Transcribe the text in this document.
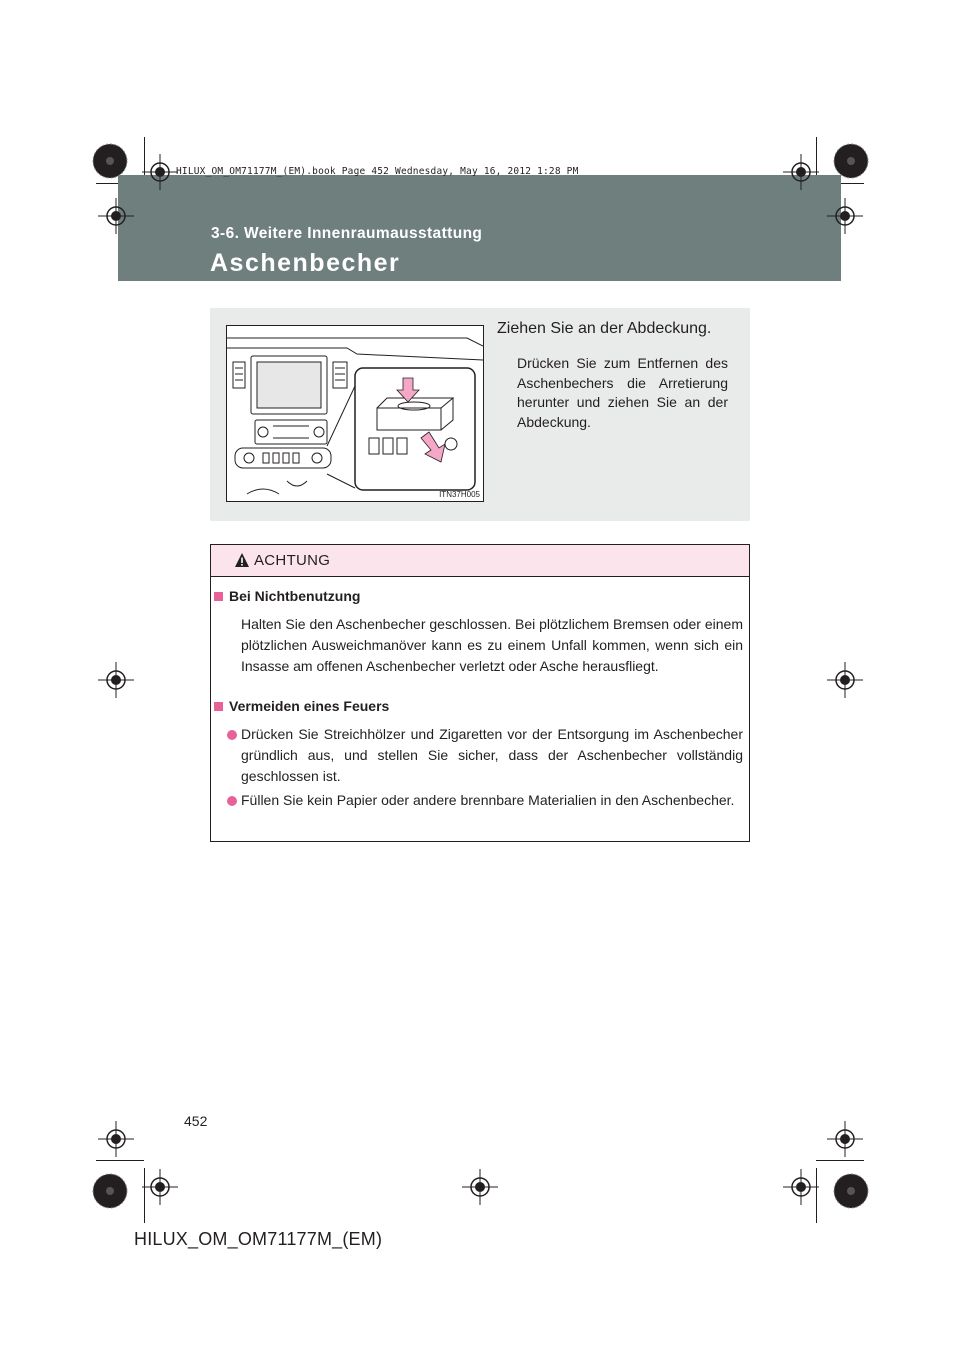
HILUX_OM_OM71177M_(EM).book Page 452 Wednesday, May 16, 2012 1:28 PM
3-6. Weitere Innenraumausstattung
Aschenbecher
ITN37H005
Ziehen Sie an der Abdeckung.
Drücken Sie zum Entfernen des Aschenbechers die Arretierung herunter und ziehen Sie an der Abdeckung.
ACHTUNG
Bei Nichtbenutzung
Halten Sie den Aschenbecher geschlossen. Bei plötzlichem Bremsen oder einem plötzlichen Ausweichmanöver kann es zu einem Unfall kommen, wenn sich ein Insasse am offenen Aschenbecher verletzt oder Asche herausfliegt.
Vermeiden eines Feuers
Drücken Sie Streichhölzer und Zigaretten vor der Entsorgung im Aschenbecher gründlich aus, und stellen Sie sicher, dass der Aschenbecher vollständig geschlossen ist.
Füllen Sie kein Papier oder andere brennbare Materialien in den Aschenbecher.
452
HILUX_OM_OM71177M_(EM)
